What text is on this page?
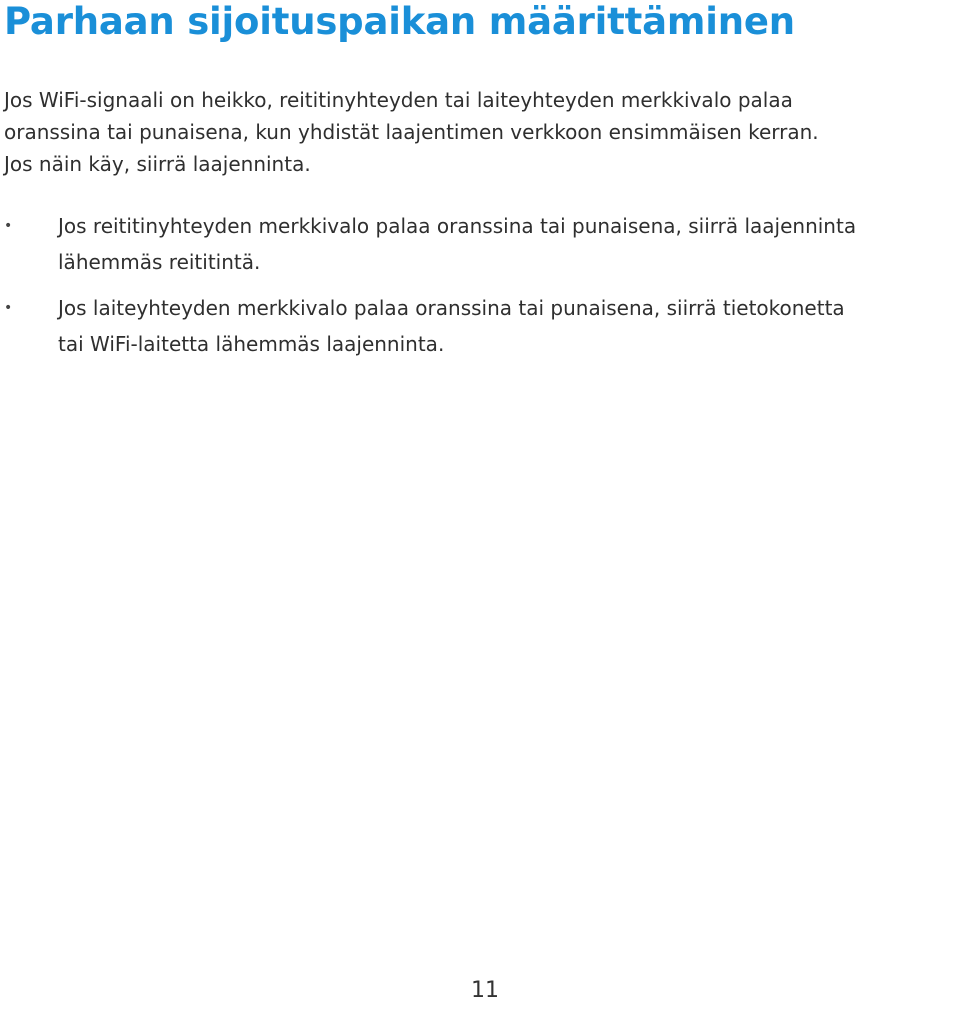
Parhaan sijoituspaikan määrittäminen

Jos WiFi-signaali on heikko, reititinyhteyden tai laiteyhteyden merkkivalo palaa
oranssina tai punaisena, kun yhdistät laajentimen verkkoon ensimmäisen kerran.
Jos näin käy, siirrä laajenninta.

• Jos reititinyhteyden merkkivalo palaa oranssina tai punaisena, siirrä laajenninta
lähemmäs reititintä.
• Jos laiteyhteyden merkkivalo palaa oranssina tai punaisena, siirrä tietokonetta
tai WiFi-laitetta lähemmäs laajenninta.
11
